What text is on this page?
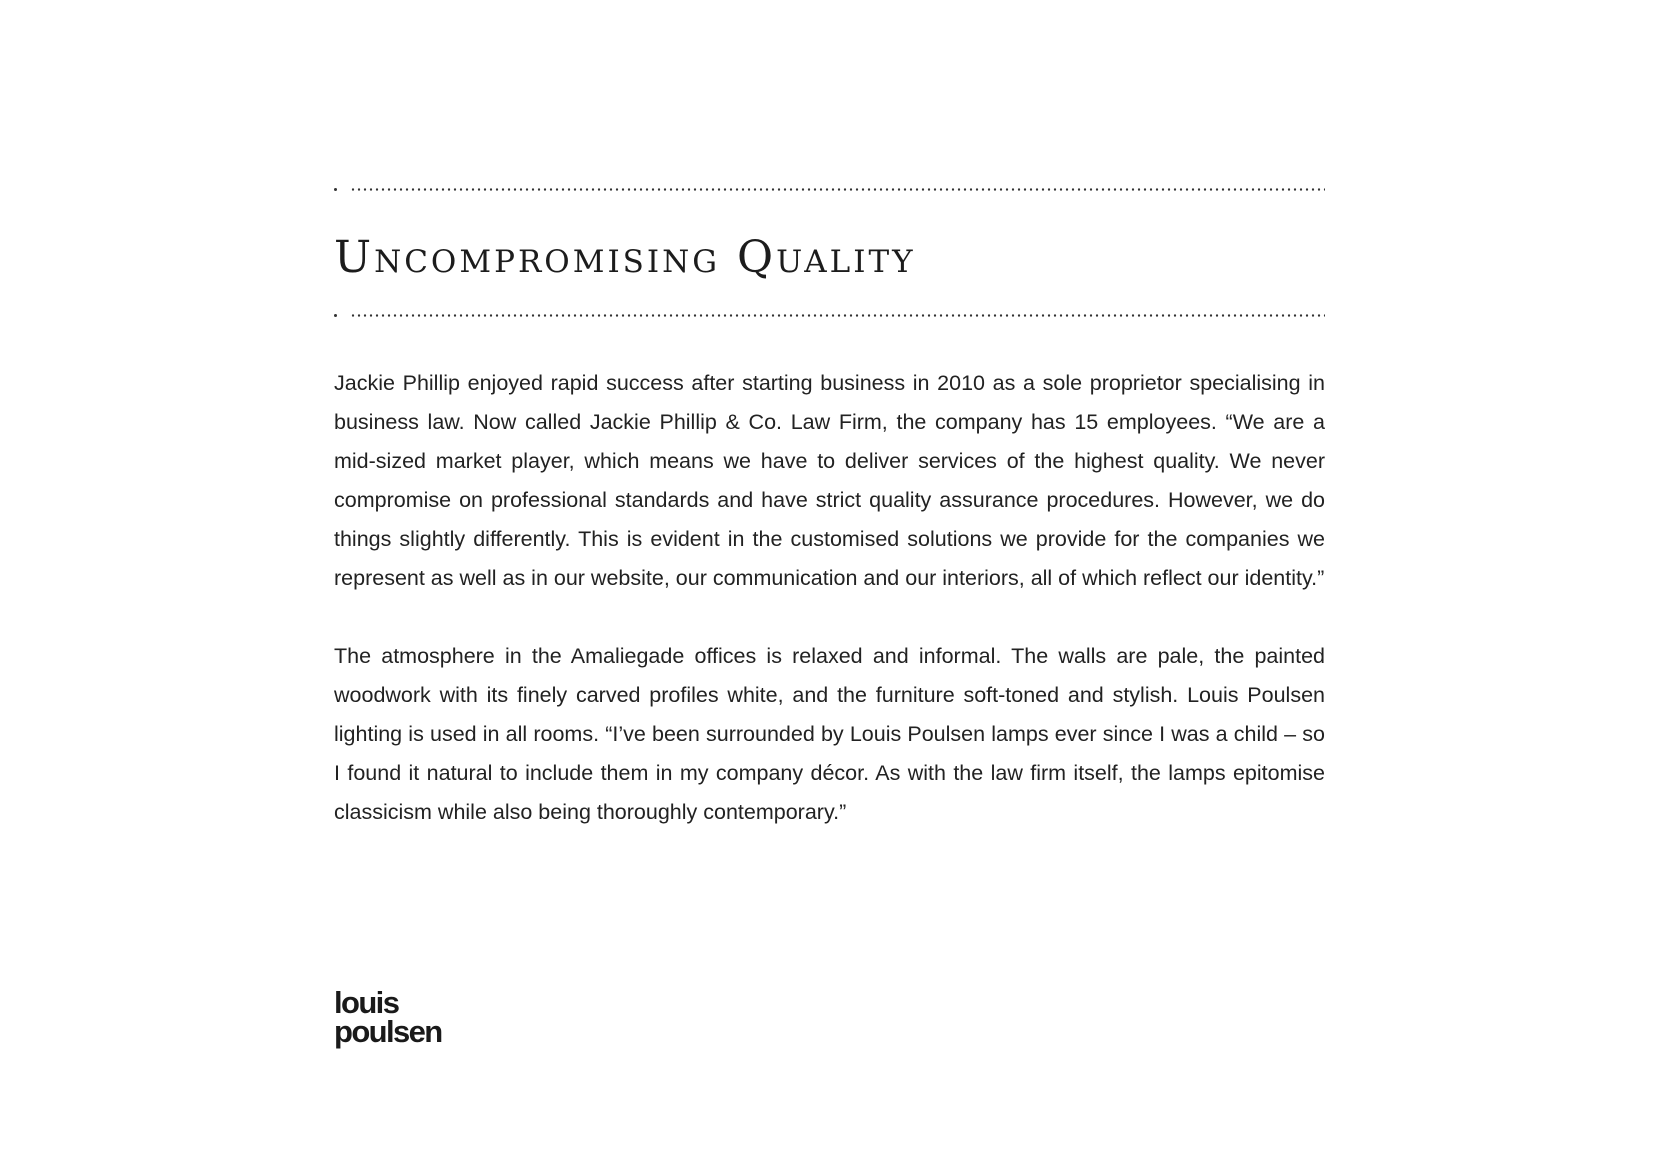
Uncompromising Quality

Jackie Phillip enjoyed rapid success after starting business in 2010 as a sole proprietor specialising in business law. Now called Jackie Phillip & Co. Law Firm, the company has 15 employees. “We are a mid-sized market player, which means we have to deliver services of the highest quality. We never compromise on professional standards and have strict quality assurance procedures. However, we do things slightly differently. This is evident in the customised solutions we provide for the companies we represent as well as in our website, our communication and our interiors, all of which reflect our identity.”

The atmosphere in the Amaliegade offices is relaxed and informal. The walls are pale, the painted woodwork with its finely carved profiles white, and the furniture soft-toned and stylish. Louis Poulsen lighting is used in all rooms. “I’ve been surrounded by Louis Poulsen lamps ever since I was a child – so I found it natural to include them in my company décor. As with the law firm itself, the lamps epitomise classicism while also being thoroughly contemporary.”

louis
poulsen
